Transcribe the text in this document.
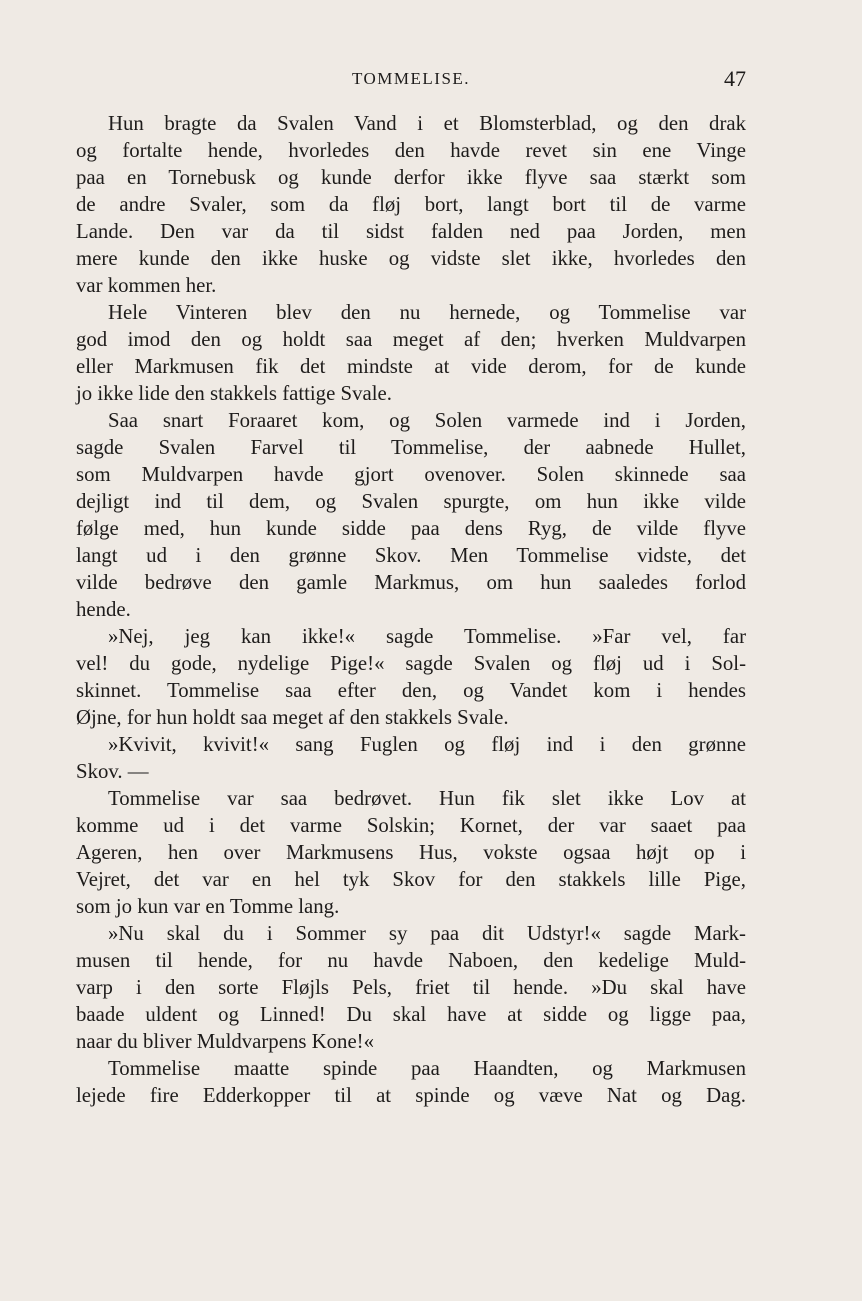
TOMMELISE.	47
Hun bragte da Svalen Vand i et Blomsterblad, og den drak
og fortalte hende, hvorledes den havde revet sin ene Vinge
paa en Tornebusk og kunde derfor ikke flyve saa stærkt som
de andre Svaler, som da fløj bort, langt bort til de varme
Lande. Den var da til sidst falden ned paa Jorden, men
mere kunde den ikke huske og vidste slet ikke, hvorledes den
var kommen her.
Hele Vinteren blev den nu hernede, og Tommelise var
god imod den og holdt saa meget af den; hverken Muldvarpen
eller Markmusen fik det mindste at vide derom, for de kunde
jo ikke lide den stakkels fattige Svale.
Saa snart Foraaret kom, og Solen varmede ind i Jorden,
sagde Svalen Farvel til Tommelise, der aabnede Hullet,
som Muldvarpen havde gjort ovenover. Solen skinnede saa
dejligt ind til dem, og Svalen spurgte, om hun ikke vilde
følge med, hun kunde sidde paa dens Ryg, de vilde flyve
langt ud i den grønne Skov. Men Tommelise vidste, det
vilde bedrøve den gamle Markmus, om hun saaledes forlod
hende.
»Nej, jeg kan ikke!« sagde Tommelise. »Far vel, far
vel! du gode, nydelige Pige!« sagde Svalen og fløj ud i Sol-
skinnet. Tommelise saa efter den, og Vandet kom i hendes
Øjne, for hun holdt saa meget af den stakkels Svale.
»Kvivit, kvivit!« sang Fuglen og fløj ind i den grønne
Skov. —
Tommelise var saa bedrøvet. Hun fik slet ikke Lov at
komme ud i det varme Solskin; Kornet, der var saaet paa
Ageren, hen over Markmusens Hus, vokste ogsaa højt op i
Vejret, det var en hel tyk Skov for den stakkels lille Pige,
som jo kun var en Tomme lang.
»Nu skal du i Sommer sy paa dit Udstyr!« sagde Mark-
musen til hende, for nu havde Naboen, den kedelige Muld-
varp i den sorte Fløjls Pels, friet til hende. »Du skal have
baade uldent og Linned! Du skal have at sidde og ligge paa,
naar du bliver Muldvarpens Kone!«
Tommelise maatte spinde paa Haandten, og Markmusen
lejede fire Edderkopper til at spinde og væve Nat og Dag.
